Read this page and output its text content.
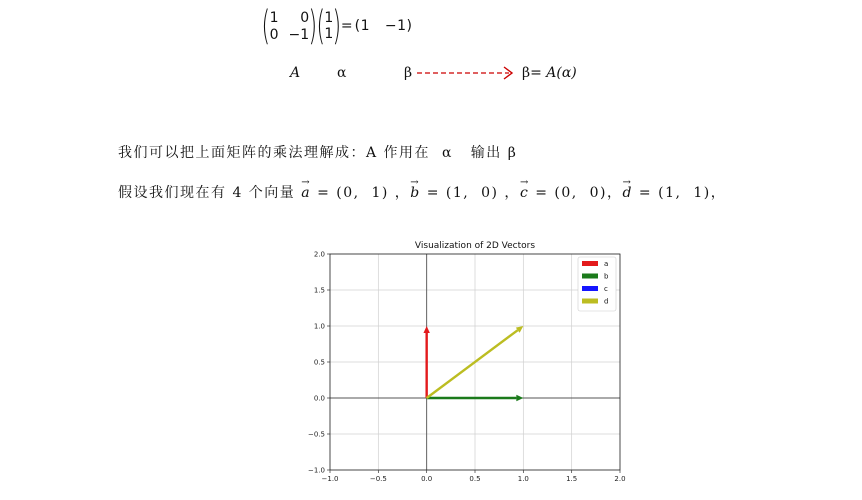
( 1	0
0 −1 ) ( 1
1 ) = (1   −1)
A	α	β	β= A(α)
我们可以把上面矩阵的乘法理解成：A 作用在  α   输出 β
假设我们现在有 4 个向量
→
a = (0,  1) ，
→
b = (1,  0) ，
→
c = (0,  0)，
→
d = (1,  1)，
Visualization of 2D Vectors
−1.0	−0.5	0.0	0.5	1.0	1.5	2.0
−1.0
−0.5
0.0
0.5
1.0
1.5
2.0
a
b
c
d
